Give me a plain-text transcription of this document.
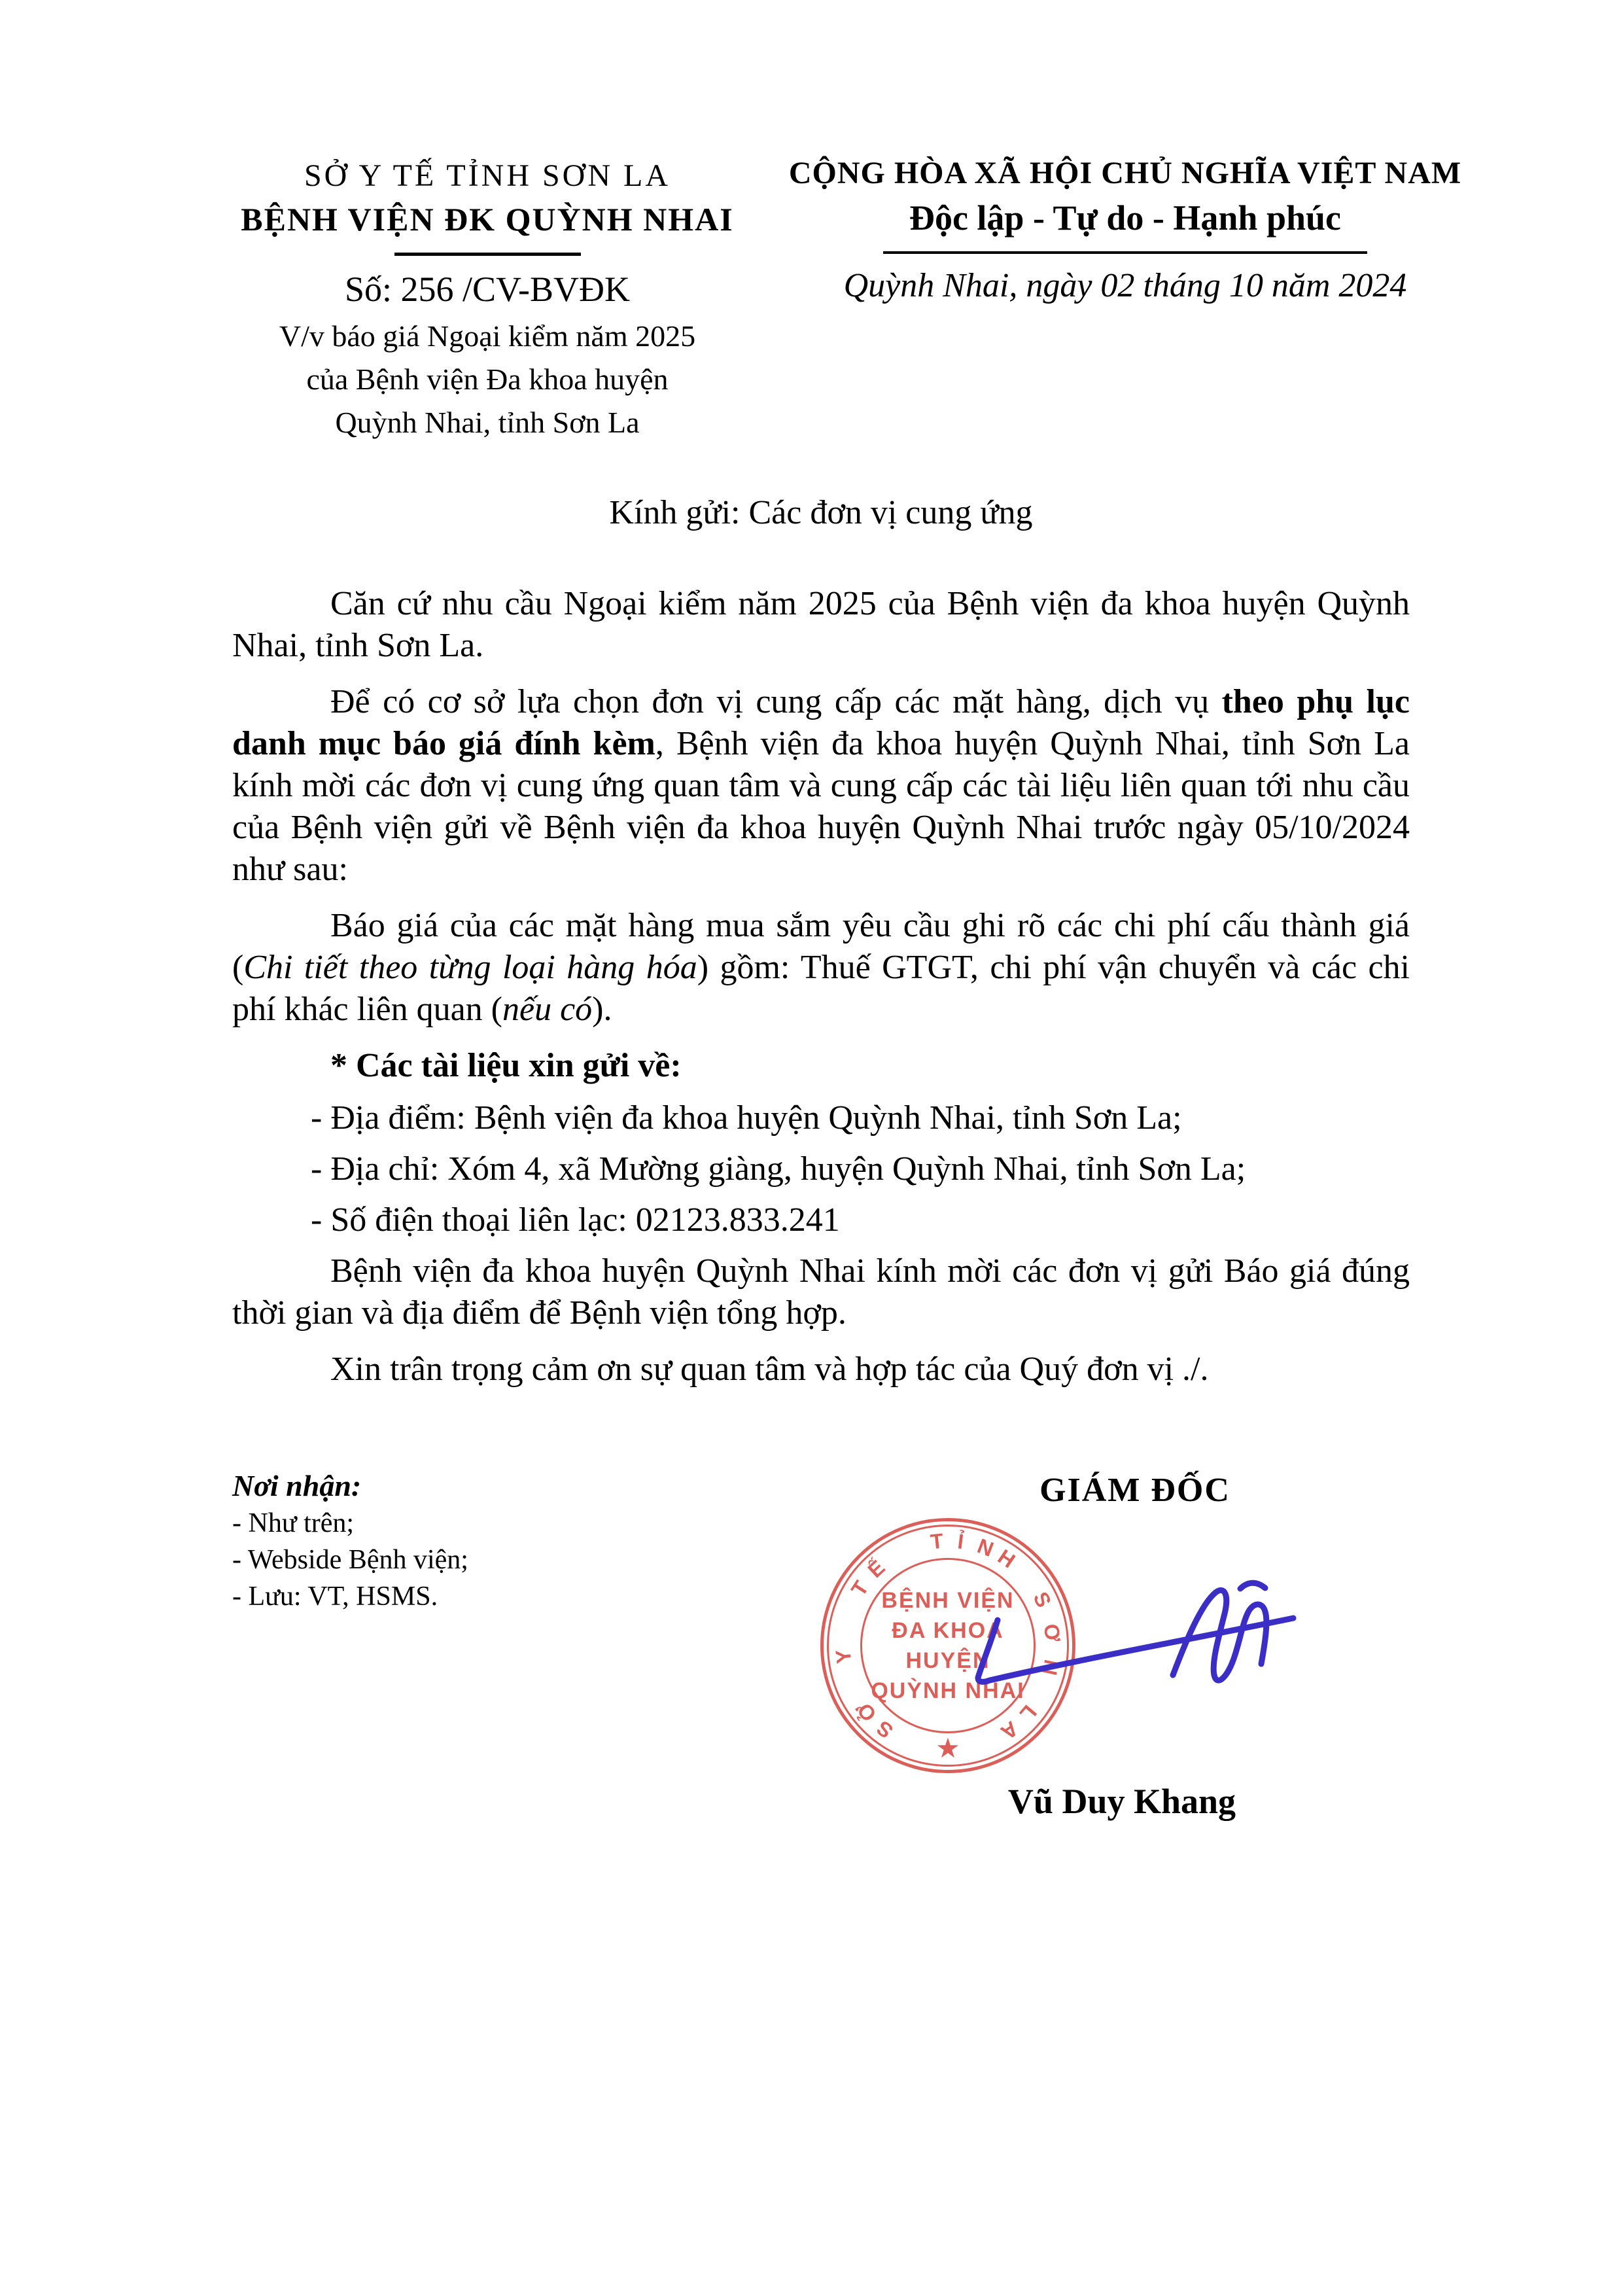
SỞ Y TẾ TỈNH SƠN LA
BỆNH VIỆN ĐK QUỲNH NHAI
Số: 256 /CV-BVĐK
V/v báo giá Ngoại kiểm năm 2025
của Bệnh viện Đa khoa huyện
Quỳnh Nhai, tỉnh Sơn La
CỘNG HÒA XÃ HỘI CHỦ NGHĨA VIỆT NAM
Độc lập - Tự do - Hạnh phúc
Quỳnh Nhai, ngày 02 tháng 10 năm 2024
Kính gửi: Các đơn vị cung ứng

Căn cứ nhu cầu Ngoại kiểm năm 2025 của Bệnh viện đa khoa huyện Quỳnh Nhai, tỉnh Sơn La.

Để có cơ sở lựa chọn đơn vị cung cấp các mặt hàng, dịch vụ theo phụ lục danh mục báo giá đính kèm, Bệnh viện đa khoa huyện Quỳnh Nhai, tỉnh Sơn La kính mời các đơn vị cung ứng quan tâm và cung cấp các tài liệu liên quan tới nhu cầu của Bệnh viện gửi về Bệnh viện đa khoa huyện Quỳnh Nhai trước ngày 05/10/2024 như sau:

Báo giá của các mặt hàng mua sắm yêu cầu ghi rõ các chi phí cấu thành giá (Chi tiết theo từng loại hàng hóa) gồm: Thuế GTGT, chi phí vận chuyển và các chi phí khác liên quan (nếu có).

* Các tài liệu xin gửi về:

- Địa điểm: Bệnh viện đa khoa huyện Quỳnh Nhai, tỉnh Sơn La;

- Địa chỉ: Xóm 4, xã Mường giàng, huyện Quỳnh Nhai, tỉnh Sơn La;

- Số điện thoại liên lạc: 02123.833.241

Bệnh viện đa khoa huyện Quỳnh Nhai kính mời các đơn vị gửi Báo giá đúng thời gian và địa điểm để Bệnh viện tổng hợp.

Xin trân trọng cảm ơn sự quan tâm và hợp tác của Quý đơn vị ./.

Nơi nhận:
- Như trên;
- Webside Bệnh viện;
- Lưu: VT, HSMS.
GIÁM ĐỐC
BỆNH VIỆN
ĐA KHOA
HUYỆN
QUỲNH NHAI
★
S
Ở
Y
T
Ế
T Ỉ N
H
S
Ơ
N
L
A
Vũ Duy Khang
